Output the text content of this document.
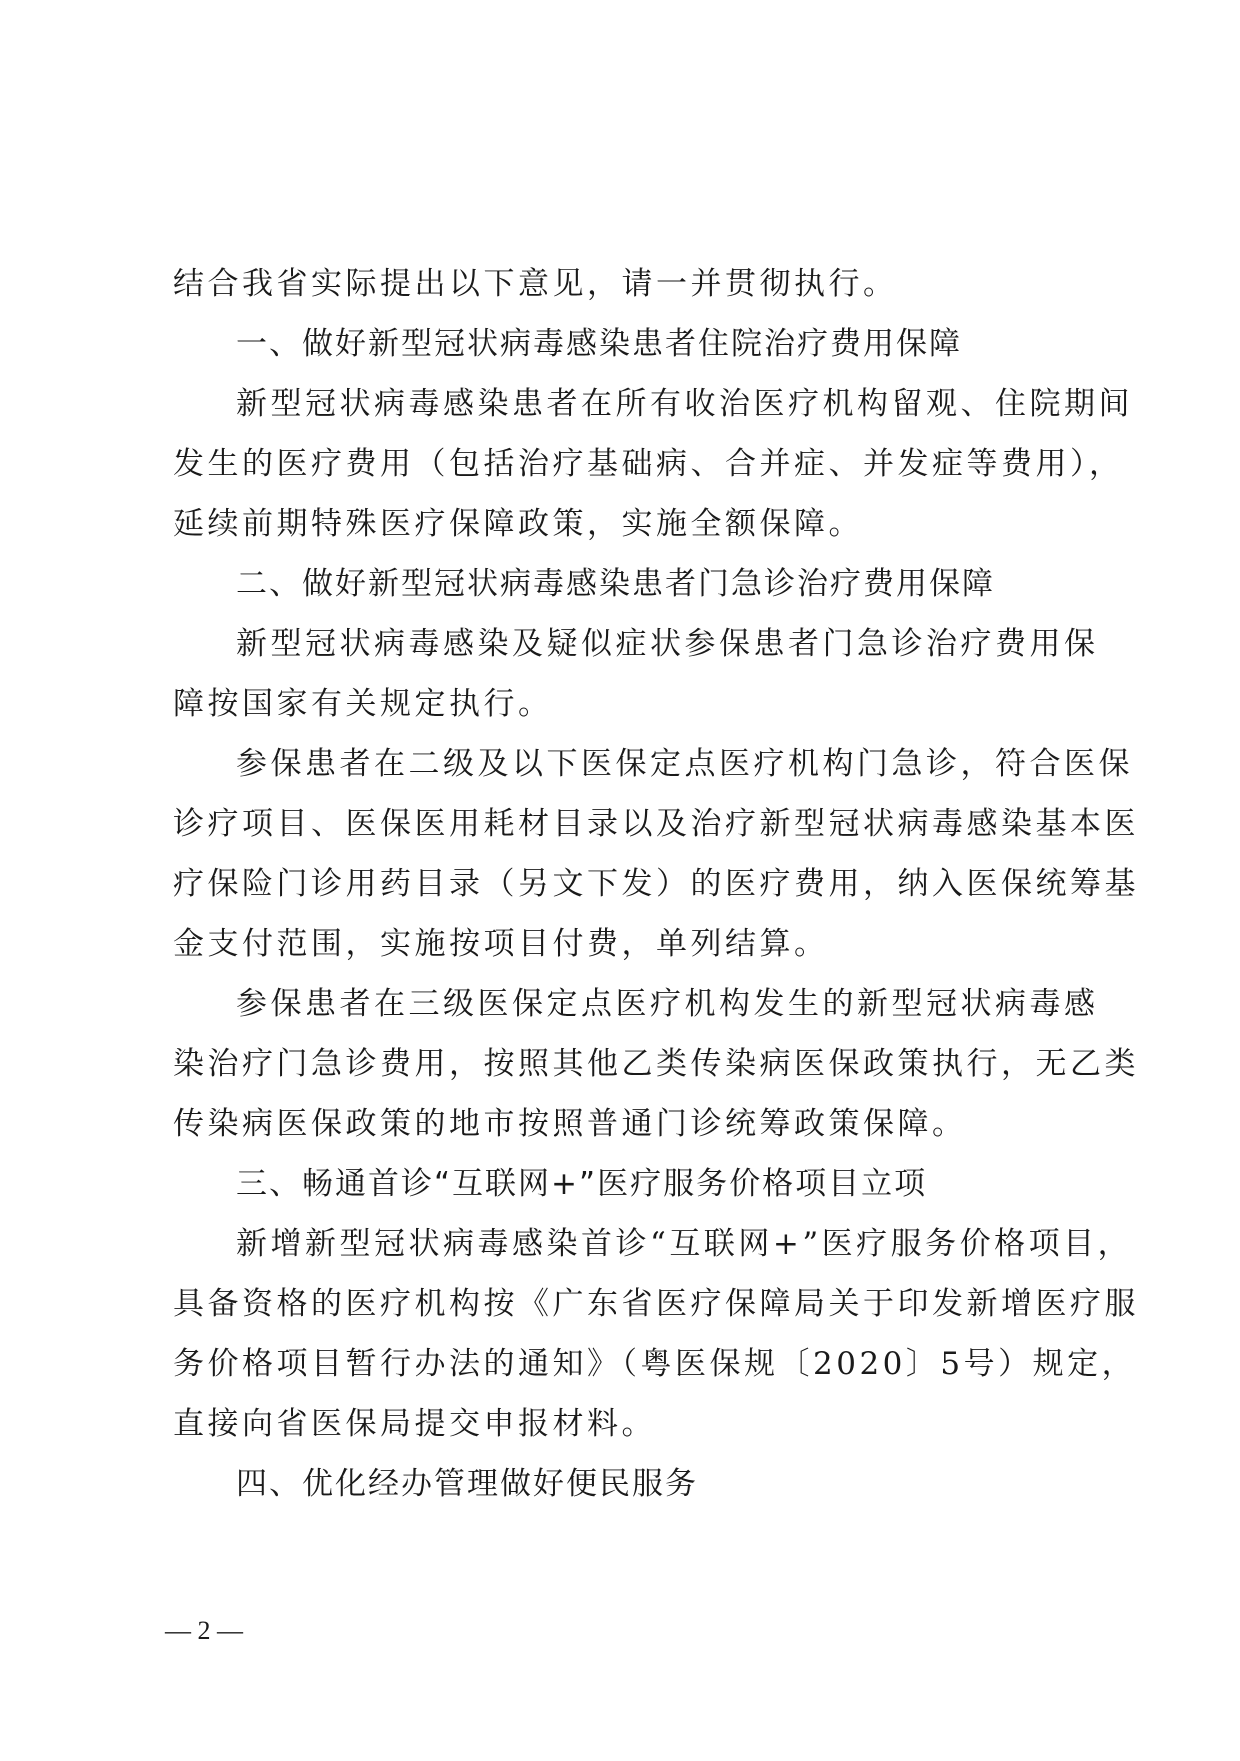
结合我省实际提出以下意见，请一并贯彻执行。
一、做好新型冠状病毒感染患者住院治疗费用保障
新型冠状病毒感染患者在所有收治医疗机构留观、住院期间
发生的医疗费用（包括治疗基础病、合并症、并发症等费用），
延续前期特殊医疗保障政策，实施全额保障。
二、做好新型冠状病毒感染患者门急诊治疗费用保障
新型冠状病毒感染及疑似症状参保患者门急诊治疗费用保
障按国家有关规定执行。
参保患者在二级及以下医保定点医疗机构门急诊，符合医保
诊疗项目、医保医用耗材目录以及治疗新型冠状病毒感染基本医
疗保险门诊用药目录（另文下发）的医疗费用，纳入医保统筹基
金支付范围，实施按项目付费，单列结算。
参保患者在三级医保定点医疗机构发生的新型冠状病毒感
染治疗门急诊费用，按照其他乙类传染病医保政策执行，无乙类
传染病医保政策的地市按照普通门诊统筹政策保障。
三、畅通首诊“互联网+”医疗服务价格项目立项
新增新型冠状病毒感染首诊“互联网+”医疗服务价格项目，
具备资格的医疗机构按《广东省医疗保障局关于印发新增医疗服
务价格项目暂行办法的通知》（粤医保规〔2020〕5号）规定，
直接向省医保局提交申报材料。
四、优化经办管理做好便民服务
— 2 —
